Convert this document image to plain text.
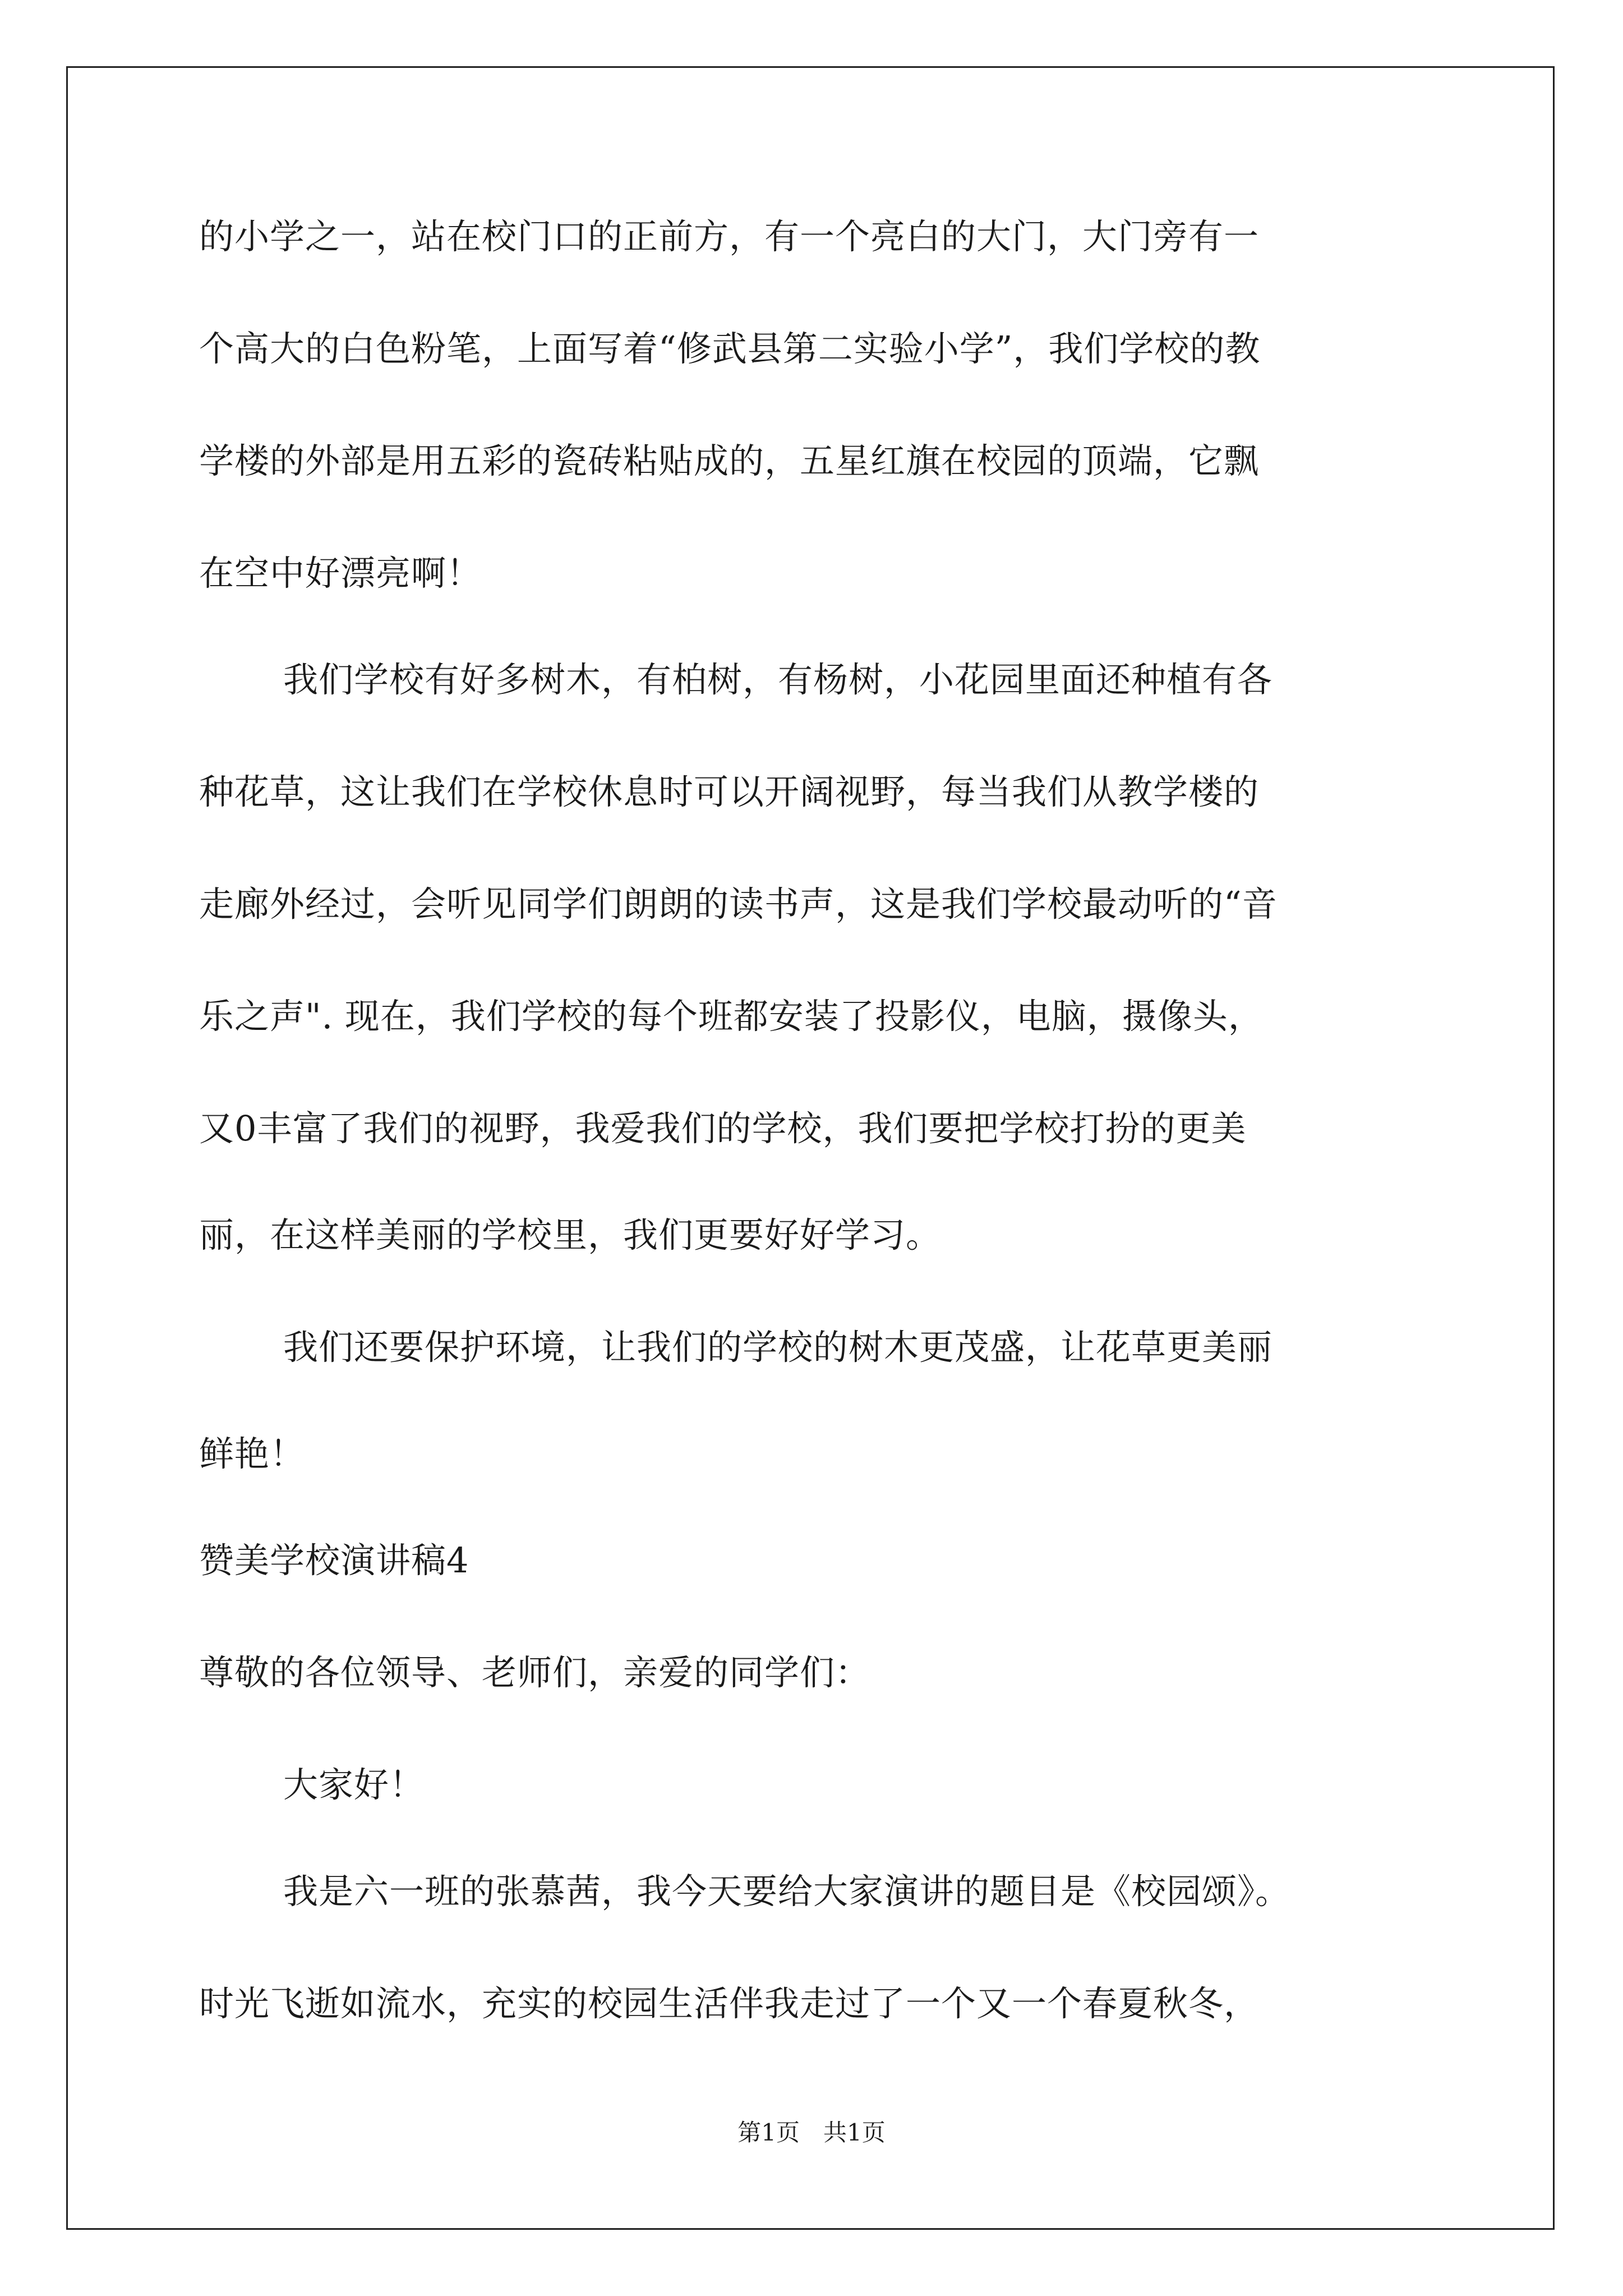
的小学之一，站在校门口的正前方，有一个亮白的大门，大门旁有一
个高大的白色粉笔，上面写着“修武县第二实验小学”，我们学校的教
学楼的外部是用五彩的瓷砖粘贴成的，五星红旗在校园的顶端，它飘
在空中好漂亮啊！
我们学校有好多树木，有柏树，有杨树，小花园里面还种植有各
种花草，这让我们在学校休息时可以开阔视野，每当我们从教学楼的
走廊外经过，会听见同学们朗朗的读书声，这是我们学校最动听的“音
乐之声". 现在，我们学校的每个班都安装了投影仪，电脑，摄像头，
又0丰富了我们的视野，我爱我们的学校，我们要把学校打扮的更美
丽，在这样美丽的学校里，我们更要好好学习。
我们还要保护环境，让我们的学校的树木更茂盛，让花草更美丽
鲜艳！
赞美学校演讲稿4
尊敬的各位领导、老师们，亲爱的同学们：
大家好！
我是六一班的张慕茜，我今天要给大家演讲的题目是《校园颂》。
时光飞逝如流水，充实的校园生活伴我走过了一个又一个春夏秋冬，
第1页　共1页
